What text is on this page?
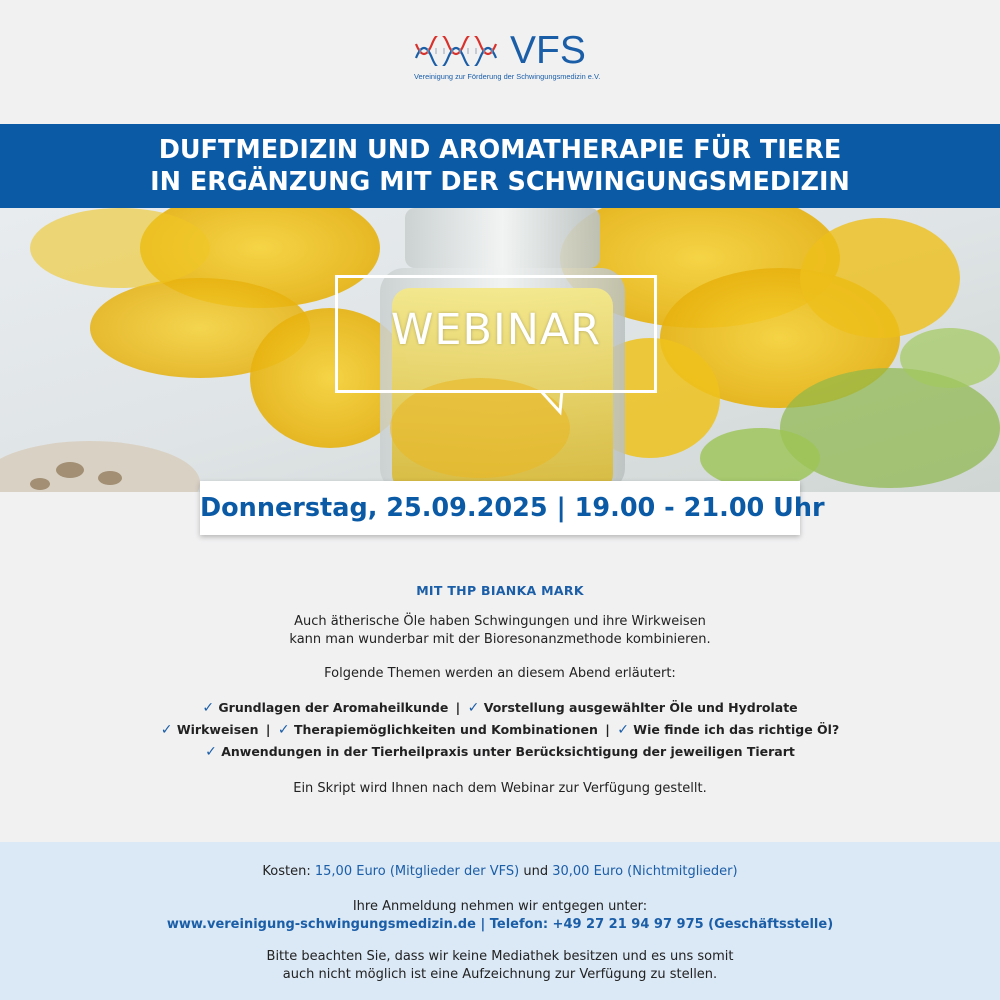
VFS
Vereinigung zur Förderung der Schwingungsmedizin e.V.
DUFTMEDIZIN UND AROMATHERAPIE FÜR TIERE
IN ERGÄNZUNG MIT DER SCHWINGUNGSMEDIZIN
WEBINAR
Donnerstag, 25.09.2025 | 19.00 - 21.00 Uhr
MIT THP BIANKA MARK
Auch ätherische Öle haben Schwingungen und ihre Wirkweisen
kann man wunderbar mit der Bioresonanzmethode kombinieren.
Folgende Themen werden an diesem Abend erläutert:
✓ Grundlagen der Aromaheilkunde | ✓ Vorstellung ausgewählter Öle und Hydrolate
✓ Wirkweisen | ✓ Therapiemöglichkeiten und Kombinationen | ✓ Wie finde ich das richtige Öl?
✓ Anwendungen in der Tierheilpraxis unter Berücksichtigung der jeweiligen Tierart
Ein Skript wird Ihnen nach dem Webinar zur Verfügung gestellt.
Kosten: 15,00 Euro (Mitglieder der VFS) und 30,00 Euro (Nichtmitglieder)
Ihre Anmeldung nehmen wir entgegen unter:
www.vereinigung-schwingungsmedizin.de | Telefon: +49 27 21 94 97 975 (Geschäftsstelle)
Bitte beachten Sie, dass wir keine Mediathek besitzen und es uns somit
auch nicht möglich ist eine Aufzeichnung zur Verfügung zu stellen.
